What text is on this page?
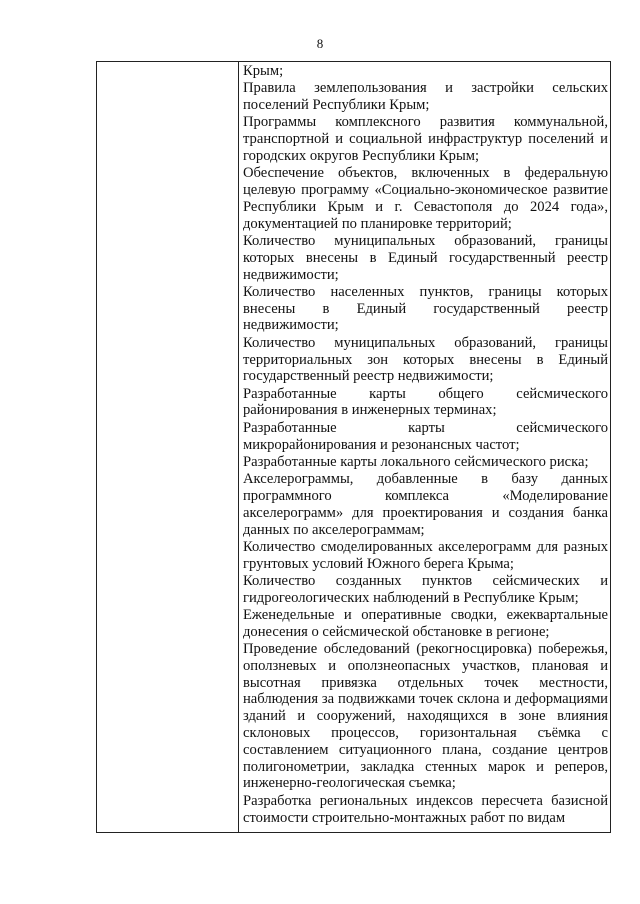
8

Крым;

Правила землепользования и застройки сельских поселений Республики Крым;

Программы комплексного развития коммунальной, транспортной и социальной инфраструктур поселений и городских округов Республики Крым;

Обеспечение объектов, включенных в федеральную целевую программу «Социально-экономическое развитие Республики Крым и г. Севастополя до 2024 года», документацией по планировке территорий;

Количество муниципальных образований, границы которых внесены в Единый государственный реестр недвижимости;

Количество населенных пунктов, границы которых внесены в Единый государственный реестр недвижимости;

Количество муниципальных образований, границы территориальных зон которых внесены в Единый государственный реестр недвижимости;

Разработанные карты общего сейсмического районирования в инженерных терминах;

Разработанные карты сейсмического микрорайонирования и резонансных частот;

Разработанные карты локального сейсмического риска;

Акселерограммы, добавленные в базу данных программного комплекса «Моделирование акселерограмм» для проектирования и создания банка данных по акселерограммам;

Количество смоделированных акселерограмм для разных грунтовых условий Южного берега Крыма;

Количество созданных пунктов сейсмических и гидрогеологических наблюдений в Республике Крым;

Еженедельные и оперативные сводки, ежеквартальные донесения о сейсмической обстановке в регионе;

Проведение обследований (рекогносцировка) побережья, оползневых и оползнеопасных участков, плановая и высотная привязка отдельных точек местности, наблюдения за подвижками точек склона и деформациями зданий и сооружений, находящихся в зоне влияния склоновых процессов, горизонтальная съёмка с составлением ситуационного плана, создание центров полигонометрии, закладка стенных марок и реперов, инженерно-геологическая съемка;

Разработка региональных индексов пересчета базисной стоимости строительно-монтажных работ по видам
